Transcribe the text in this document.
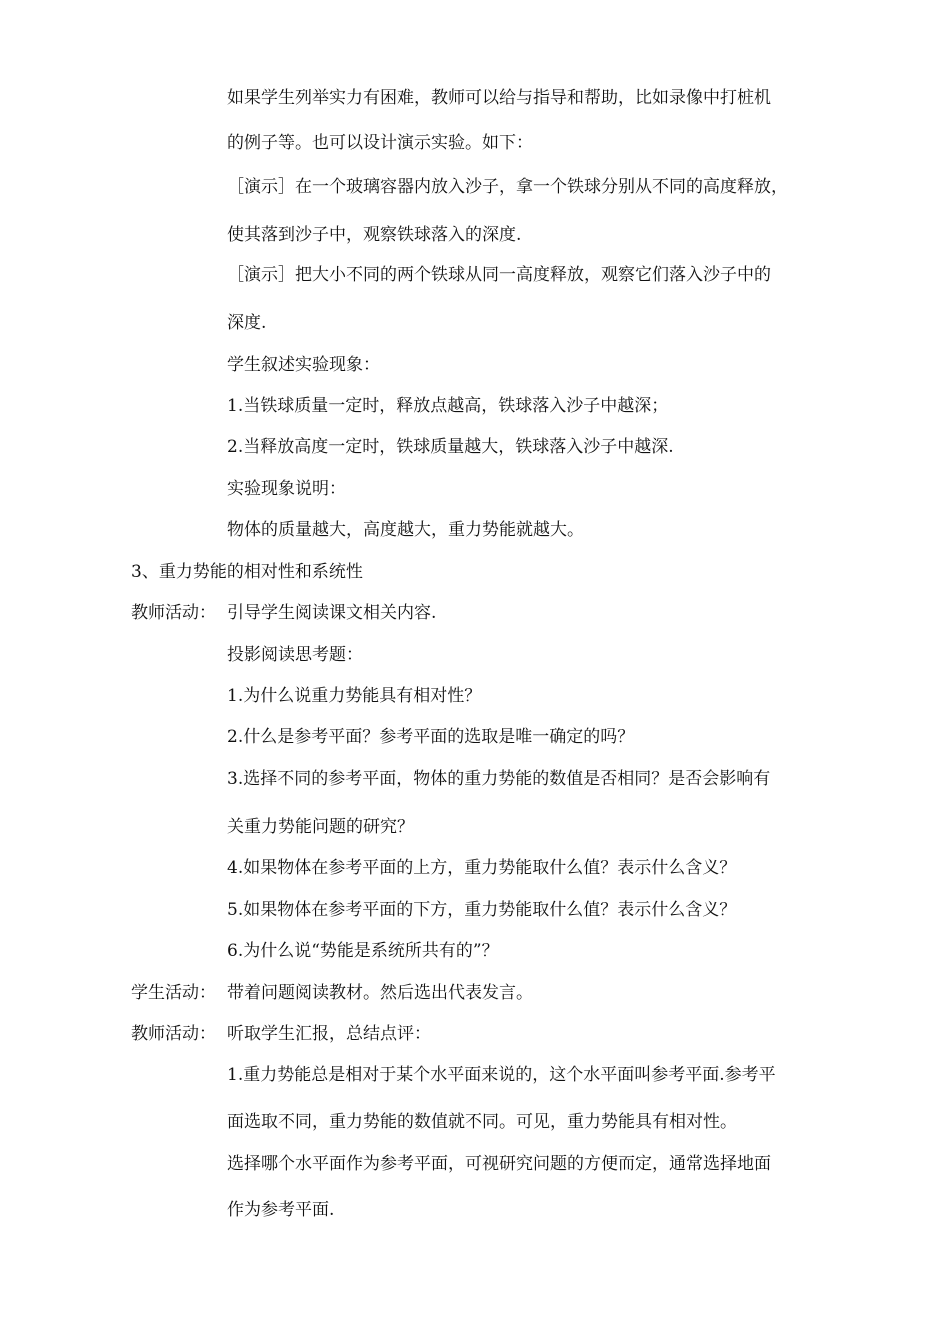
如果学生列举实力有困难，教师可以给与指导和帮助，比如录像中打桩机
的例子等。也可以设计演示实验。如下：
［演示］在一个玻璃容器内放入沙子，拿一个铁球分别从不同的高度释放，
使其落到沙子中，观察铁球落入的深度.
［演示］把大小不同的两个铁球从同一高度释放，观察它们落入沙子中的
深度.
学生叙述实验现象：
1.当铁球质量一定时，释放点越高，铁球落入沙子中越深；
2.当释放高度一定时，铁球质量越大，铁球落入沙子中越深.
实验现象说明：
物体的质量越大，高度越大，重力势能就越大。
3、重力势能的相对性和系统性
教师活动： 引导学生阅读课文相关内容.
投影阅读思考题：
1.为什么说重力势能具有相对性？
2.什么是参考平面？参考平面的选取是唯一确定的吗？
3.选择不同的参考平面，物体的重力势能的数值是否相同？是否会影响有
关重力势能问题的研究？
4.如果物体在参考平面的上方，重力势能取什么值？表示什么含义？
5.如果物体在参考平面的下方，重力势能取什么值？表示什么含义？
6.为什么说“势能是系统所共有的”？
学生活动： 带着问题阅读教材。然后选出代表发言。
教师活动： 听取学生汇报，总结点评：
1.重力势能总是相对于某个水平面来说的，这个水平面叫参考平面.参考平
面选取不同，重力势能的数值就不同。可见，重力势能具有相对性。
选择哪个水平面作为参考平面，可视研究问题的方便而定，通常选择地面
作为参考平面.
